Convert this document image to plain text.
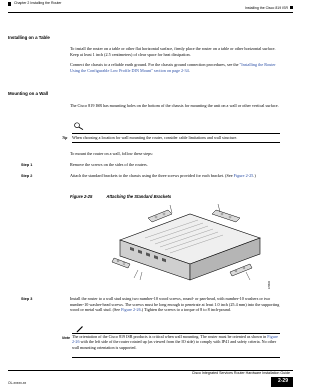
Chapter 2 Installing the Router
Installing the Cisco 819 ISR
Installing on a Table
To install the router on a table or other flat horizontal surface, firmly place the router on a table or other horizontal surface. Keep at least 1 inch (2.5 centimeters) of clear space for heat dissipation.
Connect the chassis to a reliable earth ground. For the chassis ground connection procedures, see the "Installing the Router Using the Configurable Low Profile DIN Mount" section on page 2-34.
Mounting on a Wall
The Cisco 819 ISR has mounting holes on the bottom of the chassis for mounting the unit on a wall or other vertical surface.
Tip When choosing a location for wall mounting the router, consider cable limitations and wall structure.
To mount the router on a wall, follow these steps:
Step 1	Remove the screws on the sides of the routers.
Step 2	Attach the standard brackets to the chassis using the three screws provided for each bracket. (See Figure 2-25.)
Figure 2-25	Attaching the Standard Brackets
273840
Step 3	Install the router to a wall stud using two number-10 wood screws, round- or pan-head, with number-10 washers or two number-10 washer-head screws. The screws must be long enough to penetrate at least 1.0 inch (25.4 mm) into the supporting wood or metal wall stud. (See Figure 2-26.) Tighten the screws to a torque of 8 to 8 inch-pound.
Note The orientation of the Cisco 819 ISR products is critical when wall mounting. The router must be oriented as shown in Figure 2-26 with the left side of the router rotated up (as viewed from the IO side) to comply with IP41 and safety criteria. No other wall mounting orientation is supported.
Cisco Integrated Services Router Hardware Installation Guide
2-29
OL-xxxxx-xx
